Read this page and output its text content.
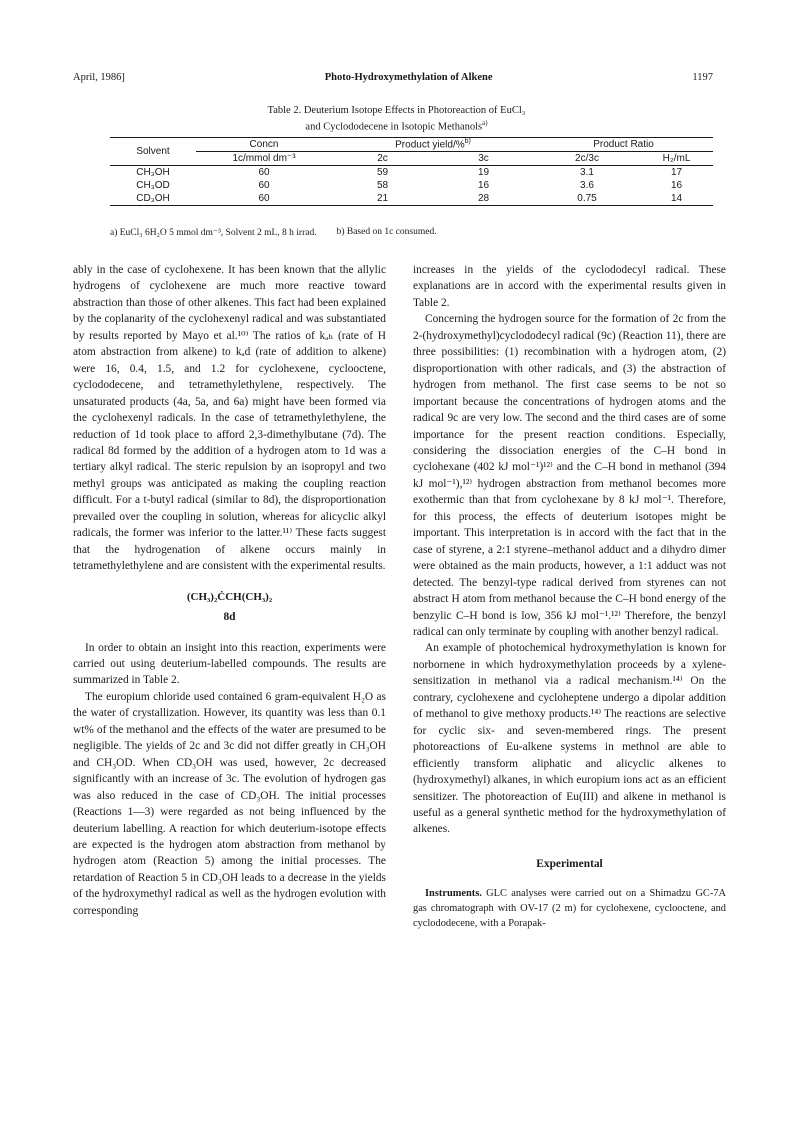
April, 1986]	Photo-Hydroxymethylation of Alkene	1197
Table 2. Deuterium Isotope Effects in Photoreaction of EuCl₃
and Cyclododecene in Isotopic Methanols$^{a)}$
Solvent	Concn	Product yield/%$^{b)}$		Product Ratio	
	1c/mmol dm⁻³	2c	3c	2c/3c	H₂/mL
CH₃OH	60	59	19	3.1	17
CH₃OD	60	58	16	3.6	16
CD₃OH	60	21	28	0.75	14
a) EuCl₃ 6H₂O 5 mmol dm⁻³, Solvent 2 mL, 8 h irrad. b) Based on 1c consumed.

ably in the case of cyclohexene. It has been known that the allylic hydrogens of cyclohexene are much more reactive toward abstraction than those of other alkenes. This fact had been explained by the coplanarity of the cyclohexenyl radical and was substantiated by results reported by Mayo et al.¹⁰⁾ The ratios of kₐₕ (rate of H atom abstraction from alkene) to kₐd (rate of addition to alkene) were 16, 0.4, 1.5, and 1.2 for cyclohexene, cyclooctene, cyclododecene, and tetramethylethylene, respectively. The unsaturated products (4a, 5a, and 6a) might have been formed via the cyclohexenyl radicals. In the case of tetramethylethylene, the reduction of 1d took place to afford 2,3-dimethylbutane (7d). The radical 8d formed by the addition of a hydrogen atom to 1d was a tertiary alkyl radical. The steric repulsion by an isopropyl and two methyl groups was anticipated as making the coupling reaction difficult. For a t-butyl radical (similar to 8d), the disproportionation prevailed over the coupling in solution, whereas for alicyclic alkyl radicals, the former was inferior to the latter.¹¹⁾ These facts suggest that the hydrogenation of alkene occurs mainly in tetramethylethylene and are consistent with the experimental results.

(CH₃)₂ĊCH(CH₃)₂
8d

In order to obtain an insight into this reaction, experiments were carried out using deuterium-labelled compounds. The results are summarized in Table 2.

The europium chloride used contained 6 gram-equivalent H₂O as the water of crystallization. However, its quantity was less than 0.1 wt% of the methanol and the effects of the water are presumed to be negligible. The yields of 2c and 3c did not differ greatly in CH₃OH and CH₃OD. When CD₃OH was used, however, 2c decreased significantly with an increase of 3c. The evolution of hydrogen gas was also reduced in the case of CD₃OH. The initial processes (Reactions 1—3) were regarded as not being influenced by the deuterium labelling. A reaction for which deuterium-isotope effects are expected is the hydrogen atom abstraction from methanol by hydrogen atom (Reaction 5) among the initial processes. The retardation of Reaction 5 in CD₃OH leads to a decrease in the yields of the hydroxymethyl radical as well as the hydrogen evolution with corresponding

increases in the yields of the cyclododecyl radical. These explanations are in accord with the experimental results given in Table 2.

Concerning the hydrogen source for the formation of 2c from the 2-(hydroxymethyl)cyclododecyl radical (9c) (Reaction 11), there are three possibilities: (1) recombination with a hydrogen atom, (2) disproportionation with other radicals, and (3) the abstraction of hydrogen from methanol. The first case seems to be not so important because the concentrations of hydrogen atoms and the radical 9c are very low. The second and the third cases are of some importance for the present reaction conditions. Especially, considering the dissociation energies of the C–H bond in cyclohexane (402 kJ mol⁻¹)¹²⁾ and the C–H bond in methanol (394 kJ mol⁻¹),¹²⁾ hydrogen abstraction from methanol becomes more exothermic than that from cyclohexane by 8 kJ mol⁻¹. Therefore, for this process, the effects of deuterium isotopes might be important. This interpretation is in accord with the fact that in the case of styrene, a 2:1 styrene–methanol adduct and a dihydro dimer were obtained as the main products, however, a 1:1 adduct was not detected. The benzyl-type radical derived from styrenes can not abstract H atom from methanol because the C–H bond energy of the benzylic C–H bond is low, 356 kJ mol⁻¹.¹²⁾ Therefore, the benzyl radical can only terminate by coupling with another benzyl radical.

An example of photochemical hydroxymethylation is known for norbornene in which hydroxymethylation proceeds by a xylene-sensitization in methanol via a radical mechanism.¹⁴⁾ On the contrary, cyclohexene and cycloheptene undergo a dipolar addition of methanol to give methoxy products.¹⁴⁾ The reactions are selective for cyclic six- and seven-membered rings. The present photoreactions of Eu-alkene systems in methnol are able to efficiently transform aliphatic and alicyclic alkenes to (hydroxymethyl) alkanes, in which europium ions act as an efficient sensitizer. The photoreaction of Eu(III) and alkene in methanol is useful as a general synthetic method for the hydroxymethylation of alkenes.

Experimental

Instruments. GLC analyses were carried out on a Shimadzu GC-7A gas chromatograph with OV-17 (2 m) for cyclohexene, cyclooctene, and cyclododecene, with a Porapak-
